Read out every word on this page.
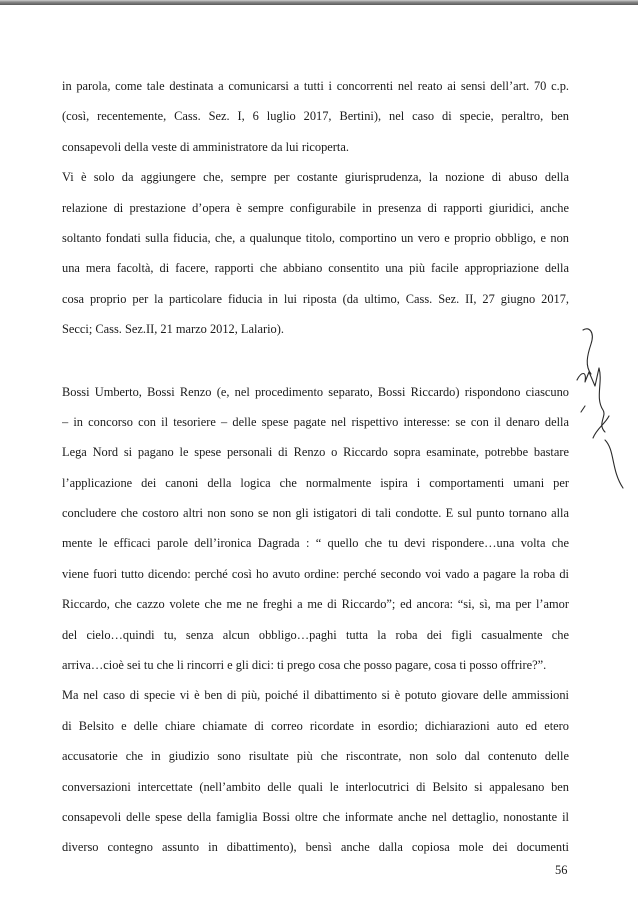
in parola, come tale destinata a comunicarsi a tutti i concorrenti nel reato ai sensi dell’art. 70 c.p.
(così, recentemente, Cass. Sez. I, 6 luglio 2017, Bertini), nel caso di specie, peraltro, ben
consapevoli della veste di amministratore da lui ricoperta.
Vi è solo da aggiungere che, sempre per costante giurisprudenza, la nozione di abuso della
relazione di prestazione d’opera è sempre configurabile in presenza di rapporti giuridici, anche
soltanto fondati sulla fiducia, che, a qualunque titolo, comportino un vero e proprio obbligo, e non
una mera facoltà, di facere, rapporti che abbiano consentito una più facile appropriazione della
cosa proprio per la particolare fiducia in lui riposta (da ultimo, Cass. Sez. II, 27 giugno 2017,
Secci; Cass. Sez.II, 21 marzo 2012, Lalario).
Bossi Umberto, Bossi Renzo (e, nel procedimento separato, Bossi Riccardo) rispondono ciascuno
– in concorso con il tesoriere – delle spese pagate nel rispettivo interesse: se con il denaro della
Lega Nord si pagano le spese personali di Renzo o Riccardo sopra esaminate, potrebbe bastare
l’applicazione dei canoni della logica che normalmente ispira i comportamenti umani per
concludere che costoro altri non sono se non gli istigatori di tali condotte. E sul punto tornano alla
mente le efficaci parole dell’ironica Dagrada : “ quello che tu devi rispondere…una volta che
viene fuori tutto dicendo: perché così ho avuto ordine: perché secondo voi vado a pagare la roba di
Riccardo, che cazzo volete che me ne freghi a me di Riccardo”; ed ancora: “si, sì, ma per l’amor
del cielo…quindi tu, senza alcun obbligo…paghi tutta la roba dei figli casualmente che
arriva…cioè sei tu che li rincorri e gli dici: ti prego cosa che posso pagare, cosa ti posso offrire?”.
Ma nel caso di specie vi è ben di più, poiché il dibattimento si è potuto giovare delle ammissioni
di Belsito e delle chiare chiamate di correo ricordate in esordio; dichiarazioni auto ed etero
accusatorie che in giudizio sono risultate più che riscontrate, non solo dal contenuto delle
conversazioni intercettate (nell’ambito delle quali le interlocutrici di Belsito si appalesano ben
consapevoli delle spese della famiglia Bossi oltre che informate anche nel dettaglio, nonostante il
diverso contegno assunto in dibattimento), bensì anche dalla copiosa mole dei documenti
56
